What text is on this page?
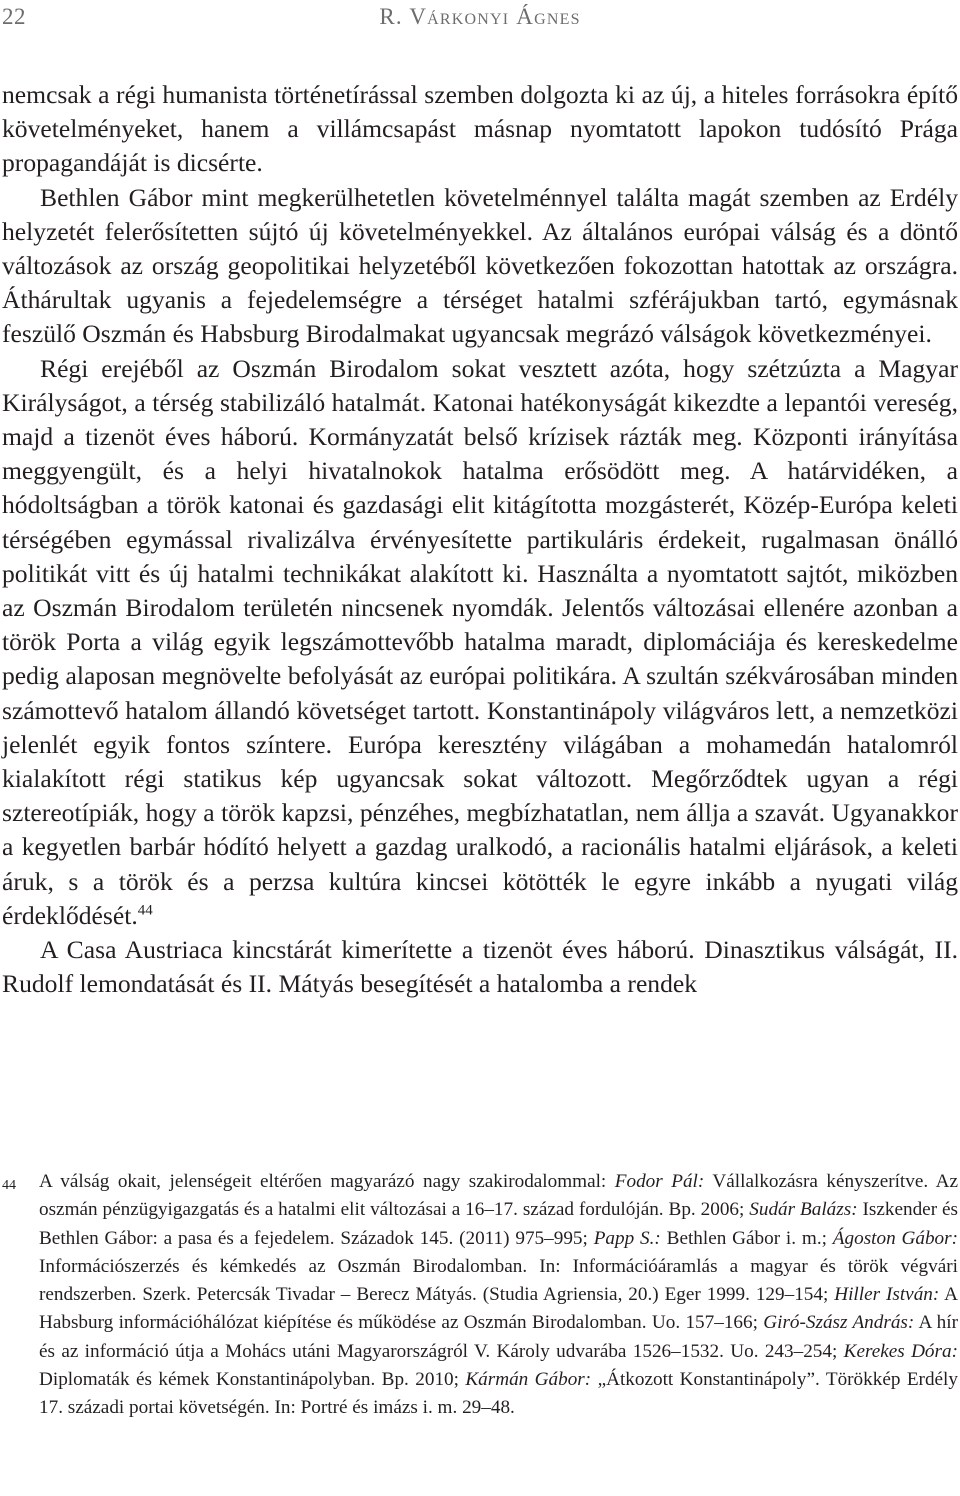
22	R. Várkonyi Ágnes

nemcsak a régi humanista történetírással szemben dolgozta ki az új, a hiteles forrásokra építő követelményeket, hanem a villámcsapást másnap nyomtatott lapokon tudósító Prága propagandáját is dicsérte.

Bethlen Gábor mint megkerülhetetlen követelménnyel találta magát szemben az Erdély helyzetét felerősítetten sújtó új követelményekkel. Az általános európai válság és a döntő változások az ország geopolitikai helyzetéből következően fokozottan hatottak az országra. Áthárultak ugyanis a fejedelemségre a térséget hatalmi szférájukban tartó, egymásnak feszülő Oszmán és Habsburg Birodalmakat ugyancsak megrázó válságok következményei.

Régi erejéből az Oszmán Birodalom sokat vesztett azóta, hogy szétzúzta a Magyar Királyságot, a térség stabilizáló hatalmát. Katonai hatékonyságát kikezdte a lepantói vereség, majd a tizenöt éves háború. Kormányzatát belső krízisek rázták meg. Központi irányítása meggyengült, és a helyi hivatalnokok hatalma erősödött meg. A határvidéken, a hódoltságban a török katonai és gazdasági elit kitágította mozgásterét, Közép-Európa keleti térségében egymással rivalizálva érvényesítette partikuláris érdekeit, rugalmasan önálló politikát vitt és új hatalmi technikákat alakított ki. Használta a nyomtatott sajtót, miközben az Oszmán Birodalom területén nincsenek nyomdák. Jelentős változásai ellenére azonban a török Porta a világ egyik legszámottevőbb hatalma maradt, diplomáciája és kereskedelme pedig alaposan megnövelte befolyását az európai politikára. A szultán székvárosában minden számottevő hatalom állandó követséget tartott. Konstantinápoly világváros lett, a nemzetközi jelenlét egyik fontos színtere. Európa keresztény világában a mohamedán hatalomról kialakított régi statikus kép ugyancsak sokat változott. Megőrződtek ugyan a régi sztereotípiák, hogy a török kapzsi, pénzéhes, megbízhatatlan, nem állja a szavát. Ugyanakkor a kegyetlen barbár hódító helyett a gazdag uralkodó, a racionális hatalmi eljárások, a keleti áruk, s a török és a perzsa kultúra kincsei kötötték le egyre inkább a nyugati világ érdeklődését.$^{44}$

A Casa Austriaca kincstárát kimerítette a tizenöt éves háború. Dinasztikus válságát, II. Rudolf lemondatását és II. Mátyás besegítését a hatalomba a rendek

44 A válság okait, jelenségeit eltérően magyarázó nagy szakirodalommal: Fodor Pál: Vállalkozásra kényszerítve. Az oszmán pénzügyigazgatás és a hatalmi elit változásai a 16–17. század fordulóján. Bp. 2006; Sudár Balázs: Iszkender és Bethlen Gábor: a pasa és a fejedelem. Századok 145. (2011) 975–995; Papp S.: Bethlen Gábor i. m.; Ágoston Gábor: Információszerzés és kémkedés az Oszmán Birodalomban. In: Információáramlás a magyar és török végvári rendszerben. Szerk. Petercsák Tivadar – Berecz Mátyás. (Studia Agriensia, 20.) Eger 1999. 129–154; Hiller István: A Habsburg információhálózat kiépítése és működése az Oszmán Birodalomban. Uo. 157–166; Giró-Szász András: A hír és az információ útja a Mohács utáni Magyarországról V. Károly udvarába 1526–1532. Uo. 243–254; Kerekes Dóra: Diplomaták és kémek Konstantinápolyban. Bp. 2010; Kármán Gábor: „Átkozott Konstantinápoly”. Törökkép Erdély 17. századi portai követségén. In: Portré és imázs i. m. 29–48.
